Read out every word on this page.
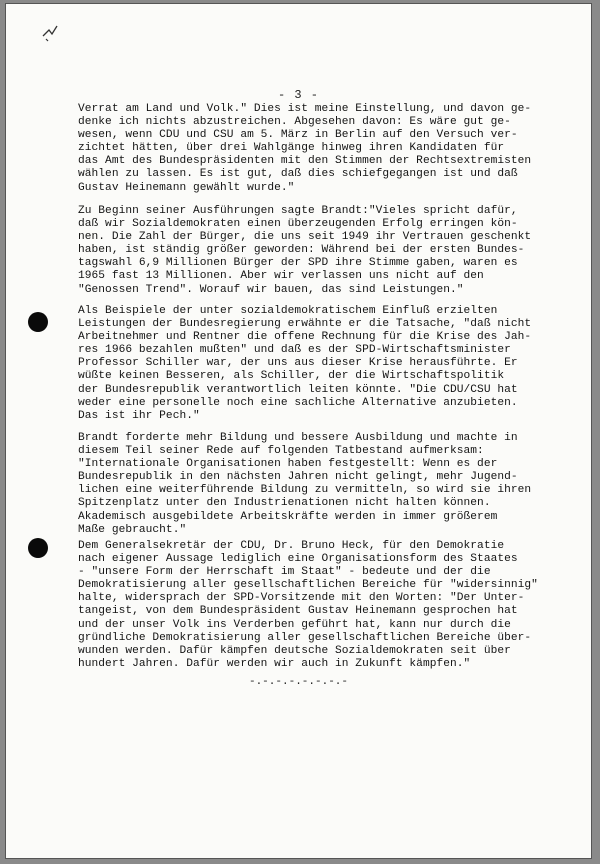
- 3 -
Verrat am Land und Volk." Dies ist meine Einstellung, und davon ge-
denke ich nichts abzustreichen. Abgesehen davon: Es wäre gut ge-
wesen, wenn CDU und CSU am 5. März in Berlin auf den Versuch ver-
zichtet hätten, über drei Wahlgänge hinweg ihren Kandidaten für
das Amt des Bundespräsidenten mit den Stimmen der Rechtsextremisten
wählen zu lassen. Es ist gut, daß dies schiefgegangen ist und daß
Gustav Heinemann gewählt wurde."
Zu Beginn seiner Ausführungen sagte Brandt:"Vieles spricht dafür,
daß wir Sozialdemokraten einen überzeugenden Erfolg erringen kön-
nen. Die Zahl der Bürger, die uns seit 1949 ihr Vertrauen geschenkt
haben, ist ständig größer geworden: Während bei der ersten Bundes-
tagswahl 6,9 Millionen Bürger der SPD ihre Stimme gaben, waren es
1965 fast 13 Millionen. Aber wir verlassen uns nicht auf den
"Genossen Trend". Worauf wir bauen, das sind Leistungen."
Als Beispiele der unter sozialdemokratischem Einfluß erzielten
Leistungen der Bundesregierung erwähnte er die Tatsache, "daß nicht
Arbeitnehmer und Rentner die offene Rechnung für die Krise des Jah-
res 1966 bezahlen mußten" und daß es der SPD-Wirtschaftsminister
Professor Schiller war, der uns aus dieser Krise herausführte. Er
wüßte keinen Besseren, als Schiller, der die Wirtschaftspolitik
der Bundesrepublik verantwortlich leiten könnte. "Die CDU/CSU hat
weder eine personelle noch eine sachliche Alternative anzubieten.
Das ist ihr Pech."
Brandt forderte mehr Bildung und bessere Ausbildung und machte in
diesem Teil seiner Rede auf folgenden Tatbestand aufmerksam:
"Internationale Organisationen haben festgestellt: Wenn es der
Bundesrepublik in den nächsten Jahren nicht gelingt, mehr Jugend-
lichen eine weiterführende Bildung zu vermitteln, so wird sie ihren
Spitzenplatz unter den Industrienationen nicht halten können.
Akademisch ausgebildete Arbeitskräfte werden in immer größerem
Maße gebraucht."
Dem Generalsekretär der CDU, Dr. Bruno Heck, für den Demokratie
nach eigener Aussage lediglich eine Organisationsform des Staates
- "unsere Form der Herrschaft im Staat" - bedeute und der die
Demokratisierung aller gesellschaftlichen Bereiche für "widersinnig"
halte, widersprach der SPD-Vorsitzende mit den Worten: "Der Unter-
tangeist, von dem Bundespräsident Gustav Heinemann gesprochen hat
und der unser Volk ins Verderben geführt hat, kann nur durch die
gründliche Demokratisierung aller gesellschaftlichen Bereiche über-
wunden werden. Dafür kämpfen deutsche Sozialdemokraten seit über
hundert Jahren. Dafür werden wir auch in Zukunft kämpfen."
-.-.-.-.-.-.-.-
